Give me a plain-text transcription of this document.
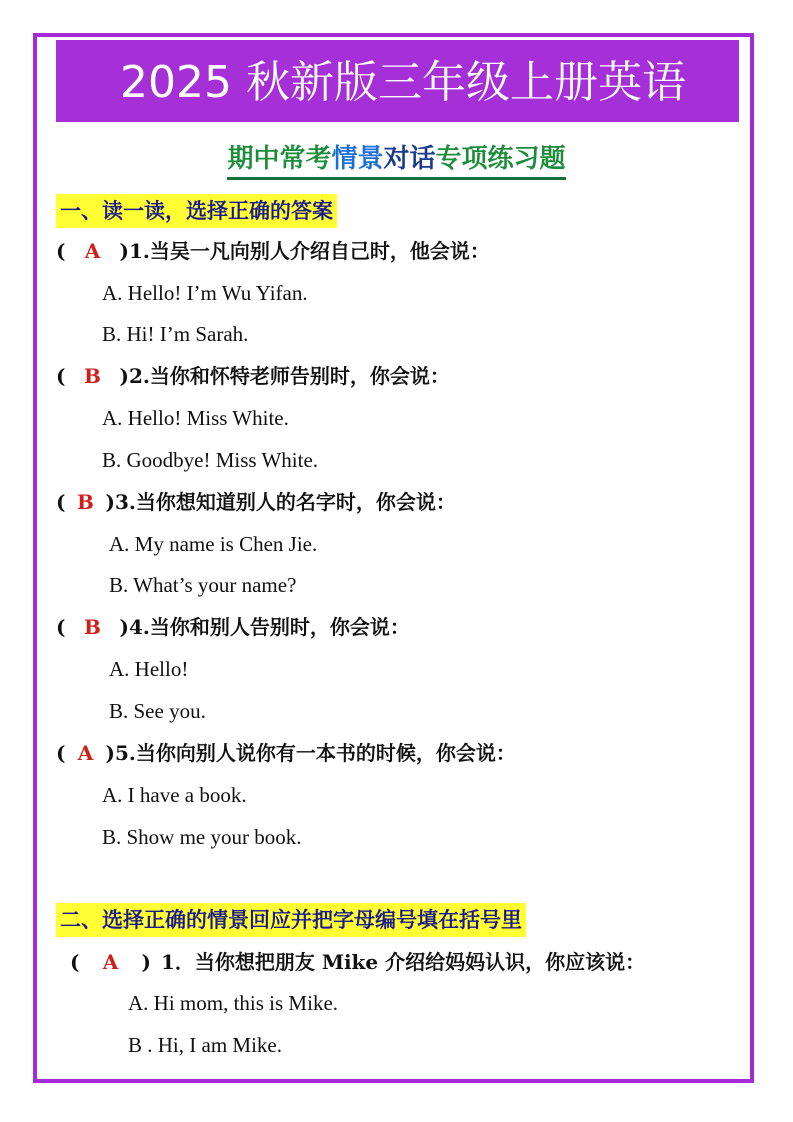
2025 秋新版三年级上册英语
期中常考情景对话专项练习题
一、读一读，选择正确的答案
( A )1.当吴一凡向别人介绍自己时，他会说：
A. Hello! I’m Wu Yifan.
B. Hi! I’m Sarah.
( B )2.当你和怀特老师告别时，你会说：
A. Hello! Miss White.
B. Goodbye! Miss White.
( B )3.当你想知道别人的名字时，你会说：
A. My name is Chen Jie.
B. What’s your name?
( B )4.当你和别人告别时，你会说：
A. Hello!
B. See you.
( A )5.当你向别人说你有一本书的时候，你会说：
A. I have a book.
B. Show me your book.
二、选择正确的情景回应并把字母编号填在括号里
( A ) 1．当你想把朋友 Mike 介绍给妈妈认识，你应该说：
A. Hi mom, this is Mike.
B . Hi, I am Mike.
